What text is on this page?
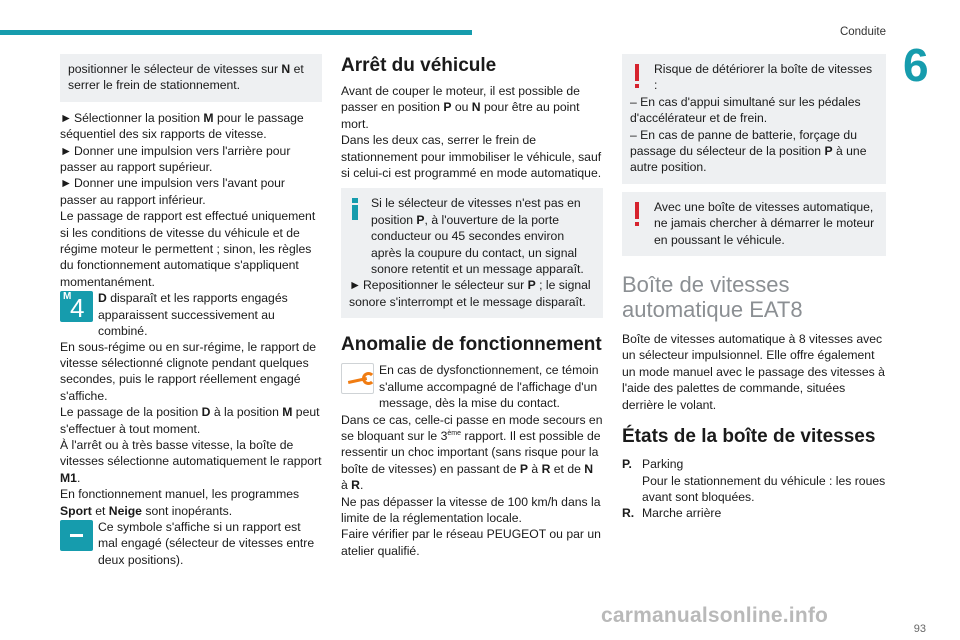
Conduite
6

positionner le sélecteur de vitesses sur N et serrer le frein de stationnement.

► Sélectionner la position M pour le passage séquentiel des six rapports de vitesse.

► Donner une impulsion vers l'arrière pour passer au rapport supérieur.

► Donner une impulsion vers l'avant pour passer au rapport inférieur.

Le passage de rapport est effectué uniquement si les conditions de vitesse du véhicule et de régime moteur le permettent ; sinon, les règles du fonctionnement automatique s'appliquent momentanément.

M
4 D disparaît et les rapports engagés apparaissent successivement au combiné.

En sous-régime ou en sur-régime, le rapport de vitesse sélectionné clignote pendant quelques secondes, puis le rapport réellement engagé s'affiche.

Le passage de la position D à la position M peut s'effectuer à tout moment.

À l'arrêt ou à très basse vitesse, la boîte de vitesses sélectionne automatiquement le rapport M1.

En fonctionnement manuel, les programmes Sport et Neige sont inopérants.

Ce symbole s'affiche si un rapport est mal engagé (sélecteur de vitesses entre deux positions).

Arrêt du véhicule

Avant de couper le moteur, il est possible de passer en position P ou N pour être au point mort.

Dans les deux cas, serrer le frein de stationnement pour immobiliser le véhicule, sauf si celui-ci est programmé en mode automatique.

Si le sélecteur de vitesses n'est pas en position P, à l'ouverture de la porte conducteur ou 45 secondes environ après la coupure du contact, un signal sonore retentit et un message apparaît.

► Repositionner le sélecteur sur P ; le signal sonore s'interrompt et le message disparaît.

Anomalie de fonctionnement

En cas de dysfonctionnement, ce témoin s'allume accompagné de l'affichage d'un message, dès la mise du contact.

Dans ce cas, celle-ci passe en mode secours en se bloquant sur le 3ème rapport. Il est possible de ressentir un choc important (sans risque pour la boîte de vitesses) en passant de P à R et de N
à R.

Ne pas dépasser la vitesse de 100 km/h dans la limite de la réglementation locale.

Faire vérifier par le réseau PEUGEOT ou par un atelier qualifié.

Risque de détériorer la boîte de vitesses :

– En cas d'appui simultané sur les pédales d'accélérateur et de frein.

– En cas de panne de batterie, forçage du passage du sélecteur de la position P à une autre position.

Avec une boîte de vitesses automatique, ne jamais chercher à démarrer le moteur en poussant le véhicule.

Boîte de vitesses automatique EAT8

Boîte de vitesses automatique à 8 vitesses avec un sélecteur impulsionnel. Elle offre également un mode manuel avec le passage des vitesses à l'aide des palettes de commande, situées derrière le volant.

États de la boîte de vitesses
P. Parking

Pour le stationnement du véhicule : les roues avant sont bloquées.

R. Marche arrière

carmanualsonline.info
93
